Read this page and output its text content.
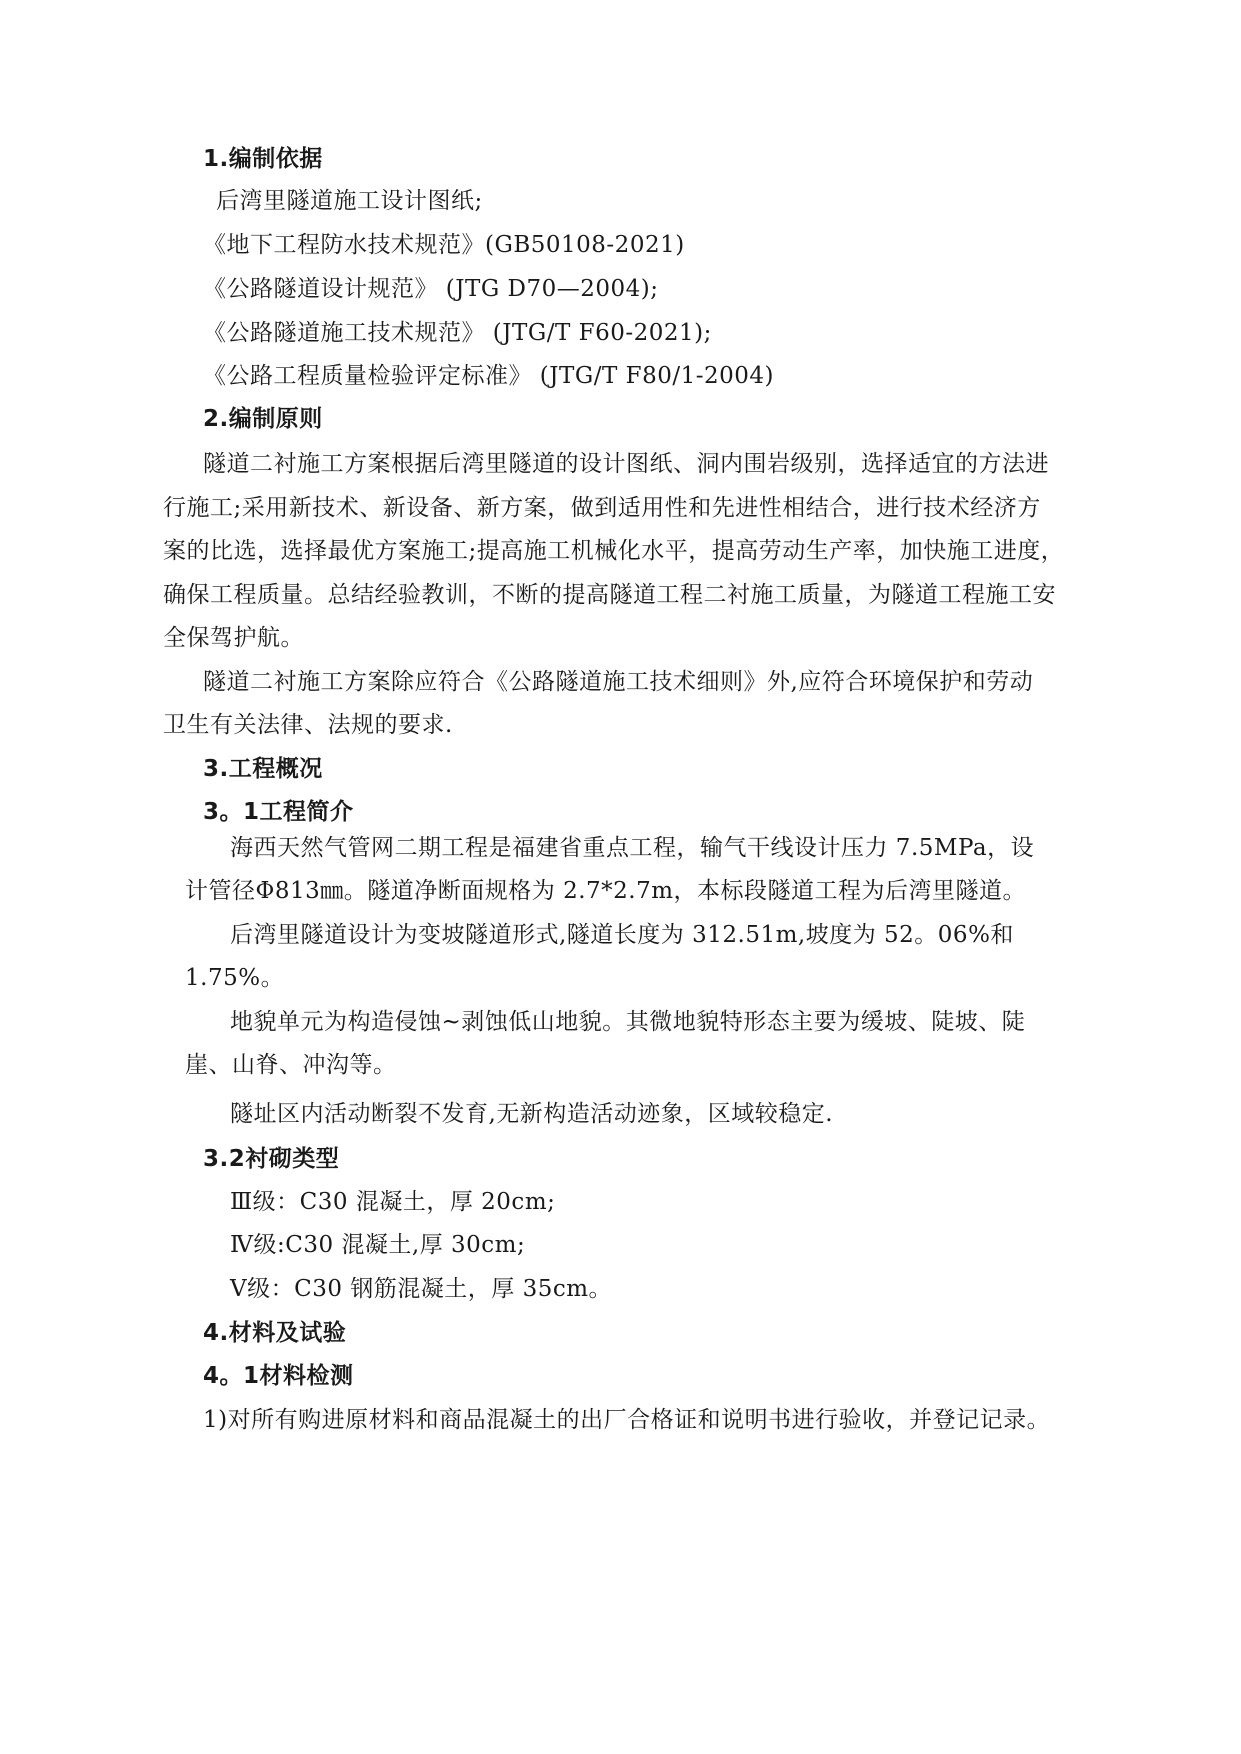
1.编制依据
后湾里隧道施工设计图纸;
《地下工程防水技术规范》(GB50108-2021)
《公路隧道设计规范》 (JTG D70—2004);
《公路隧道施工技术规范》 (JTG/T F60-2021);
《公路工程质量检验评定标准》 (JTG/T F80/1-2004)
2.编制原则
隧道二衬施工方案根据后湾里隧道的设计图纸、洞内围岩级别，选择适宜的方法进
行施工;采用新技术、新设备、新方案，做到适用性和先进性相结合，进行技术经济方
案的比选，选择最优方案施工;提高施工机械化水平，提高劳动生产率，加快施工进度，
确保工程质量。总结经验教训，不断的提高隧道工程二衬施工质量，为隧道工程施工安
全保驾护航。
隧道二衬施工方案除应符合《公路隧道施工技术细则》外,应符合环境保护和劳动
卫生有关法律、法规的要求.
3.工程概况
3。1工程简介
海西天然气管网二期工程是福建省重点工程，输气干线设计压力 7.5MPa，设
计管径Φ813㎜。隧道净断面规格为 2.7*2.7m，本标段隧道工程为后湾里隧道。
后湾里隧道设计为变坡隧道形式,隧道长度为 312.51m,坡度为 52。06%和
1.75%。
地貌单元为构造侵蚀~剥蚀低山地貌。其微地貌特形态主要为缓坡、陡坡、陡
崖、山脊、冲沟等。
隧址区内活动断裂不发育,无新构造活动迹象，区域较稳定.
3.2衬砌类型
Ⅲ级：C30 混凝土，厚 20cm;
Ⅳ级:C30 混凝土,厚 30cm;
Ⅴ级：C30 钢筋混凝土，厚 35cm。
4.材料及试验
4。1材料检测
1)对所有购进原材料和商品混凝土的出厂合格证和说明书进行验收，并登记记录。
